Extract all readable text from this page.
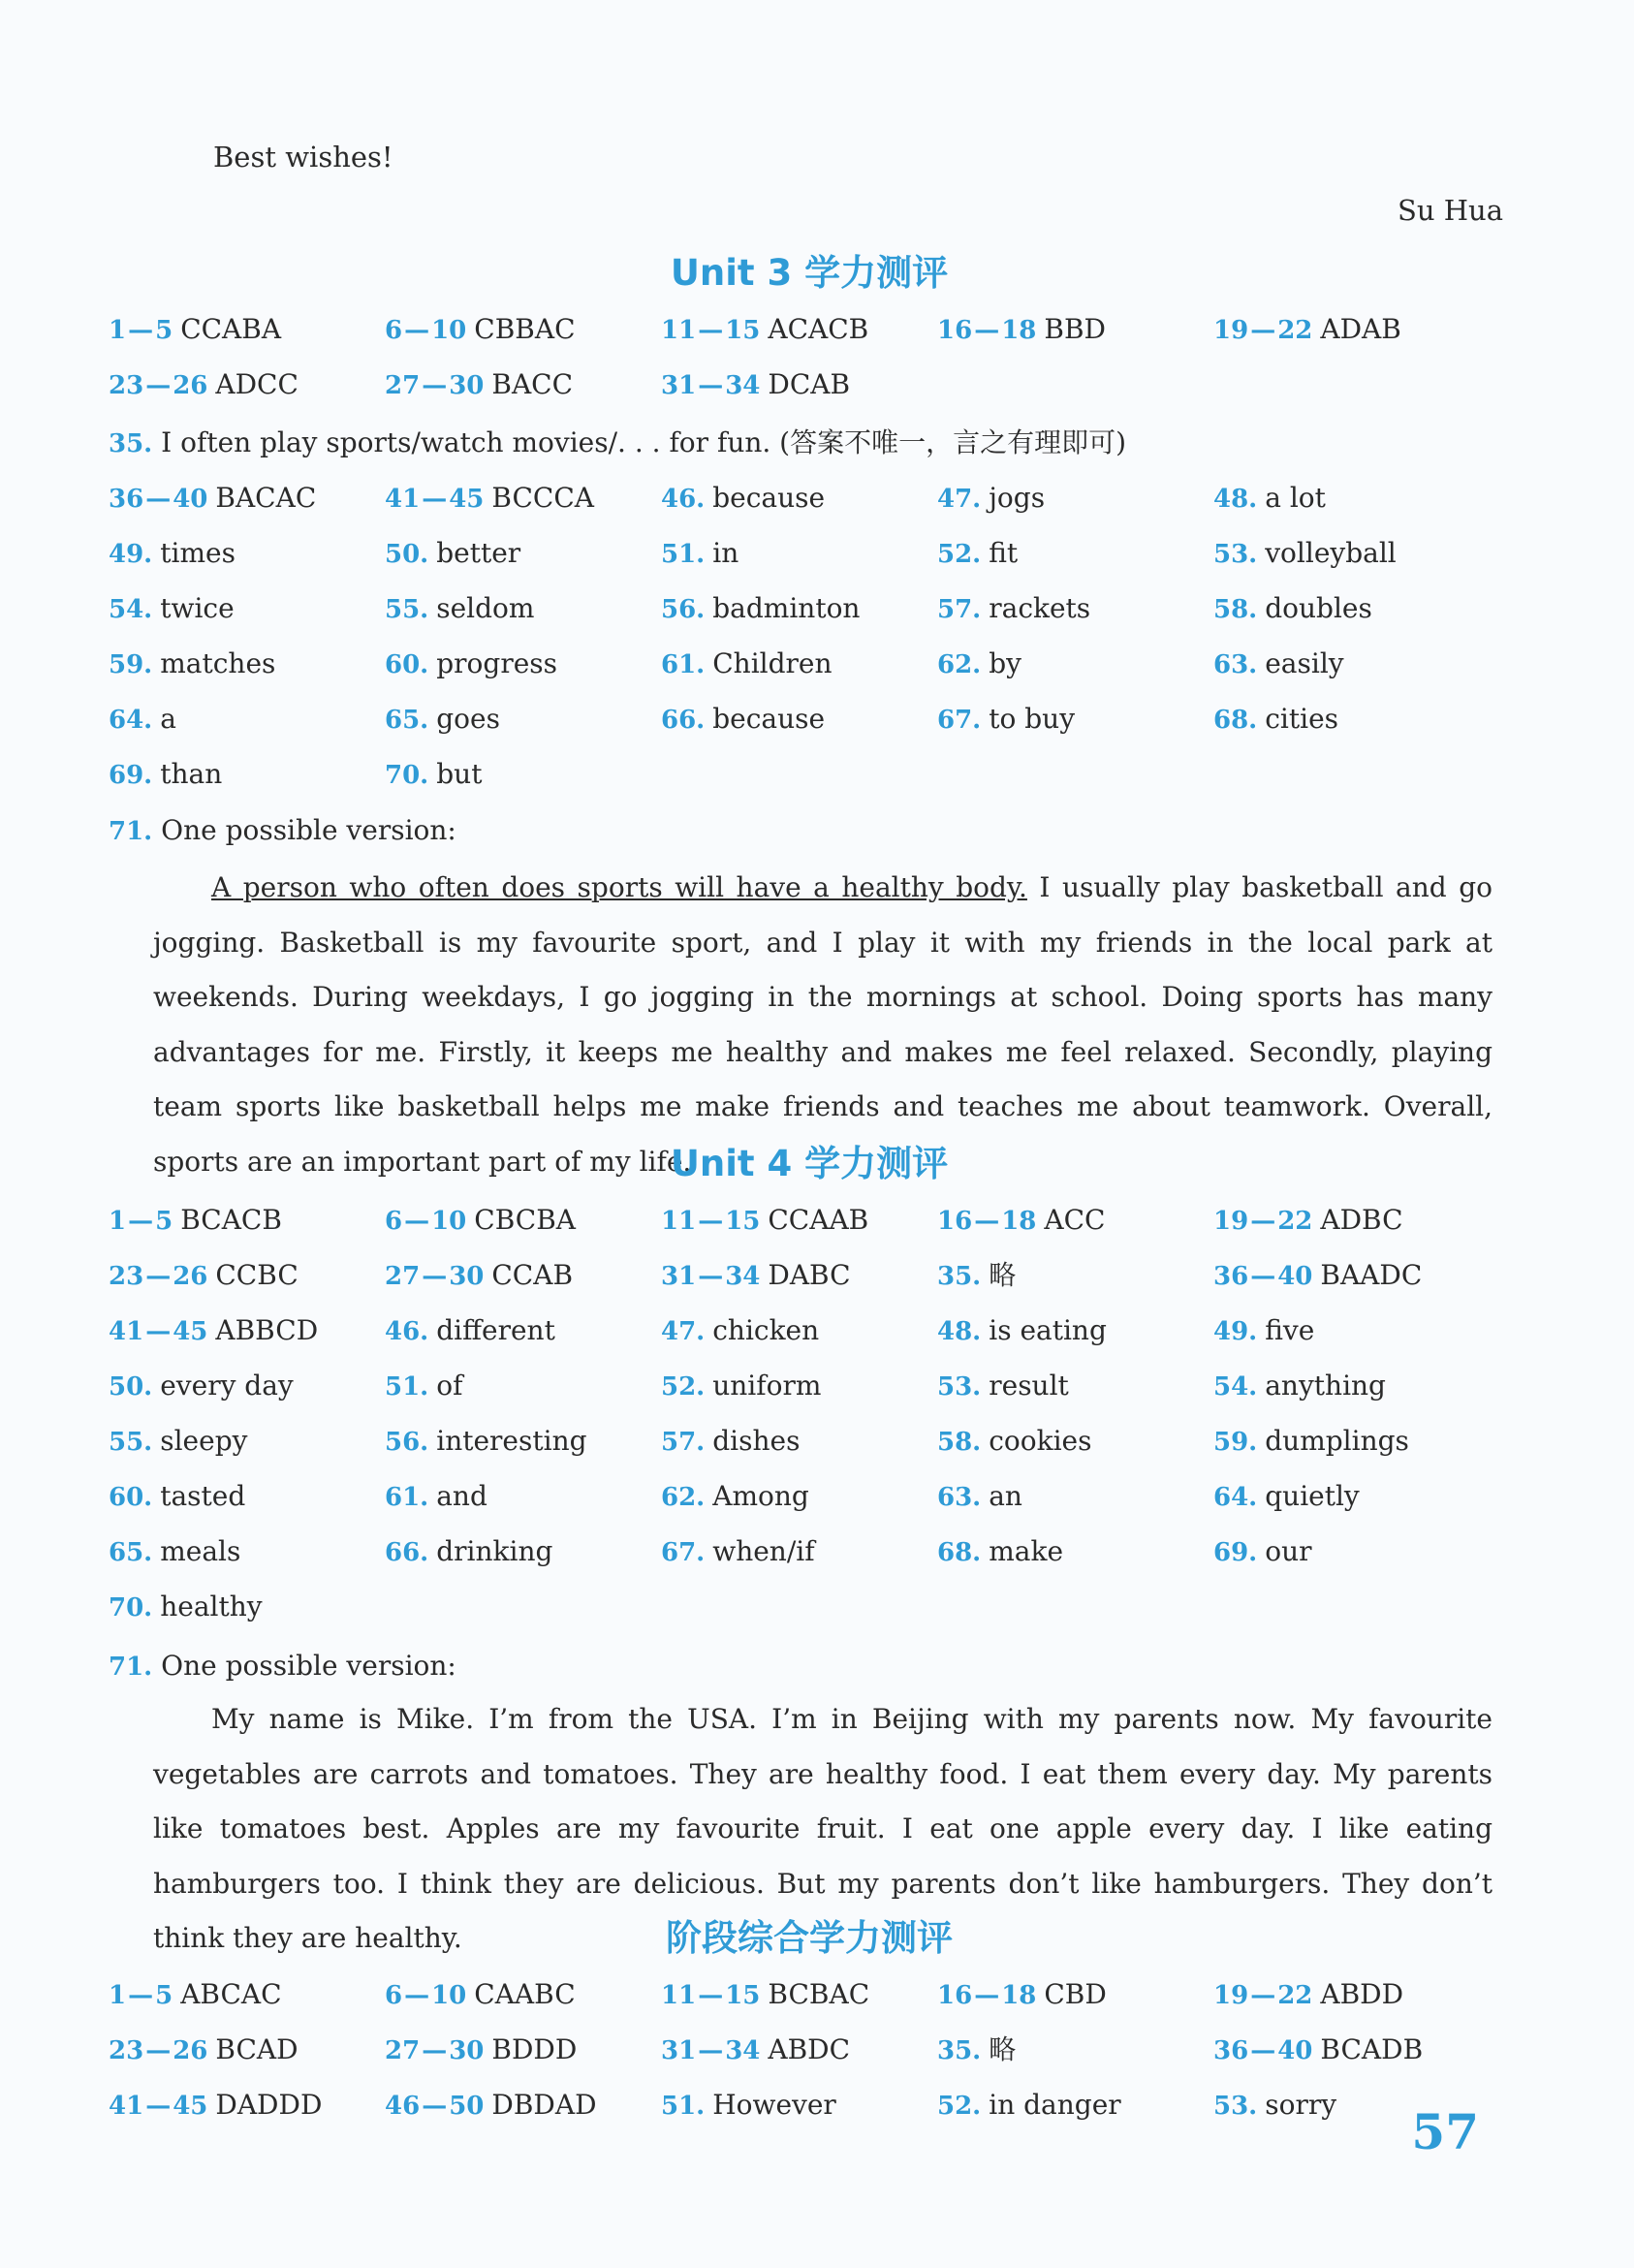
Best wishes!
Su Hua
Unit 3 学力测评
1—5 CCABA	6—10 CBBAC	11—15 ACACB	16—18 BBD	19—22 ADAB
23—26 ADCC	27—30 BACC	31—34 DCAB
35. I often play sports/watch movies/. . . for fun. (答案不唯一，言之有理即可)
36—40 BACAC	41—45 BCCCA	46. because	47. jogs	48. a lot
49. times	50. better	51. in	52. fit	53. volleyball
54. twice	55. seldom	56. badminton	57. rackets	58. doubles
59. matches	60. progress	61. Children	62. by	63. easily
64. a	65. goes	66. because	67. to buy	68. cities
69. than	70. but
71. One possible version:
A person who often does sports will have a healthy body. I usually play basketball and go jogging. Basketball is my favourite sport, and I play it with my friends in the local park at weekends. During weekdays, I go jogging in the mornings at school. Doing sports has many advantages for me. Firstly, it keeps me healthy and makes me feel relaxed. Secondly, playing team sports like basketball helps me make friends and teaches me about teamwork. Overall, sports are an important part of my life.
Unit 4 学力测评
1—5 BCACB	6—10 CBCBA	11—15 CCAAB	16—18 ACC	19—22 ADBC
23—26 CCBC	27—30 CCAB	31—34 DABC	35. 略	36—40 BAADC
41—45 ABBCD	46. different	47. chicken	48. is eating	49. five
50. every day	51. of	52. uniform	53. result	54. anything
55. sleepy	56. interesting	57. dishes	58. cookies	59. dumplings
60. tasted	61. and	62. Among	63. an	64. quietly
65. meals	66. drinking	67. when/if	68. make	69. our
70. healthy
71. One possible version:
My name is Mike. I’m from the USA. I’m in Beijing with my parents now. My favourite vegetables are carrots and tomatoes. They are healthy food. I eat them every day. My parents like tomatoes best. Apples are my favourite fruit. I eat one apple every day. I like eating hamburgers too. I think they are delicious. But my parents don’t like hamburgers. They don’t think they are healthy.	阶段综合学力测评
1—5 ABCAC	6—10 CAABC	11—15 BCBAC	16—18 CBD	19—22 ABDD
23—26 BCAD	27—30 BDDD	31—34 ABDC	35. 略	36—40 BCADB
41—45 DADDD	46—50 DBDAD	51. However	52. in danger	53. sorry	57
